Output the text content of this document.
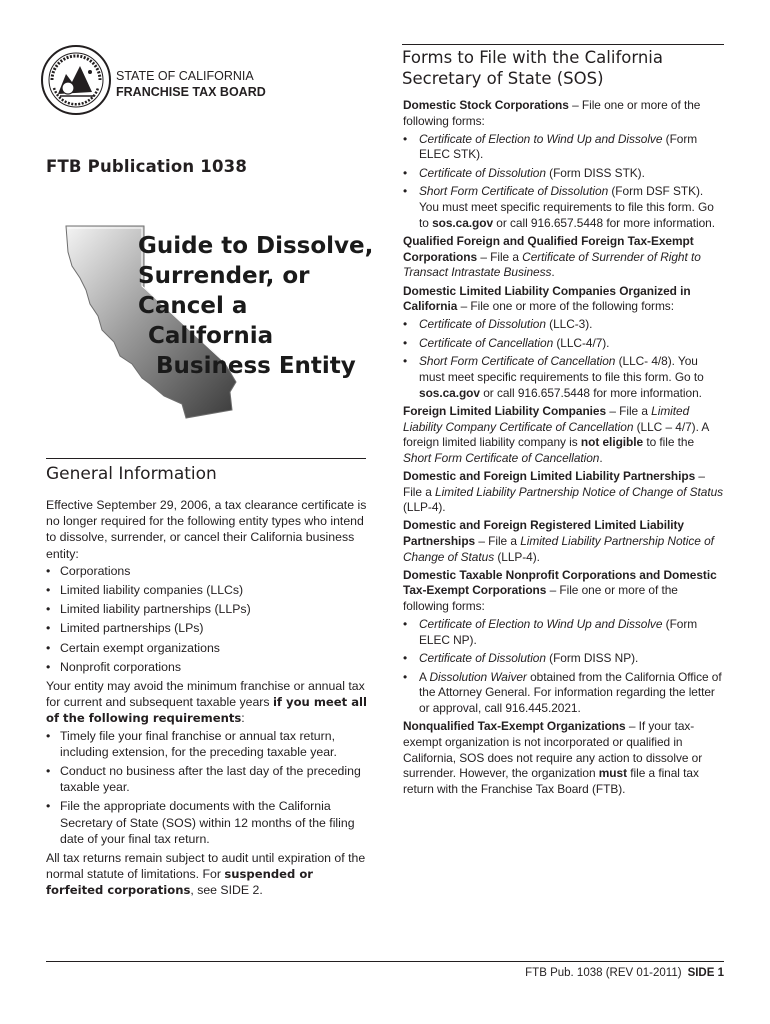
STATE OF CALIFORNIA
FRANCHISE TAX BOARD
FTB Publication 1038
Guide to Dissolve,
Surrender, or
Cancel a
California
Business Entity
General Information

Effective September 29, 2006, a tax clearance certificate is no longer required for the following entity types who intend to dissolve, surrender, or cancel their California business entity:

• Corporations
• Limited liability companies (LLCs)
• Limited liability partnerships (LLPs)
• Limited partnerships (LPs)
• Certain exempt organizations
• Nonprofit corporations

Your entity may avoid the minimum franchise or annual tax for current and subsequent taxable years if you meet all of the following requirements:

• Timely file your final franchise or annual tax return, including extension, for the preceding taxable year.
• Conduct no business after the last day of the preceding taxable year.
• File the appropriate documents with the California Secretary of State (SOS) within 12 months of the filing date of your final tax return.

All tax returns remain subject to audit until expiration of the normal statute of limitations. For suspended or forfeited corporations, see SIDE 2.

Forms to File with the California Secretary of State (SOS)

Domestic Stock Corporations – File one or more of the following forms:

• Certificate of Election to Wind Up and Dissolve (Form ELEC STK).
• Certificate of Dissolution (Form DISS STK).
• Short Form Certificate of Dissolution (Form DSF STK). You must meet specific requirements to file this form. Go to sos.ca.gov or call 916.657.5448 for more information.

Qualified Foreign and Qualified Foreign Tax-Exempt Corporations – File a Certificate of Surrender of Right to Transact Intrastate Business.

Domestic Limited Liability Companies Organized in California – File one or more of the following forms:

• Certificate of Dissolution (LLC-3).
• Certificate of Cancellation (LLC-4/7).
• Short Form Certificate of Cancellation (LLC- 4/8). You must meet specific requirements to file this form. Go to sos.ca.gov or call 916.657.5448 for more information.

Foreign Limited Liability Companies – File a Limited Liability Company Certificate of Cancellation (LLC – 4/7). A foreign limited liability company is not eligible to file the Short Form Certificate of Cancellation.

Domestic and Foreign Limited Liability Partnerships – File a Limited Liability Partnership Notice of Change of Status (LLP-4).

Domestic and Foreign Registered Limited Liability Partnerships – File a Limited Liability Partnership Notice of Change of Status (LLP-4).

Domestic Taxable Nonprofit Corporations and Domestic Tax-Exempt Corporations – File one or more of the following forms:

• Certificate of Election to Wind Up and Dissolve (Form ELEC NP).
• Certificate of Dissolution (Form DISS NP).
• A Dissolution Waiver obtained from the California Office of the Attorney General. For information regarding the letter or approval, call 916.445.2021.

Nonqualified Tax-Exempt Organizations – If your tax-exempt organization is not incorporated or qualified in California, SOS does not require any action to dissolve or surrender. However, the organization must file a final tax return with the Franchise Tax Board (FTB).

FTB Pub. 1038 (REV 01-2011) SIDE 1
